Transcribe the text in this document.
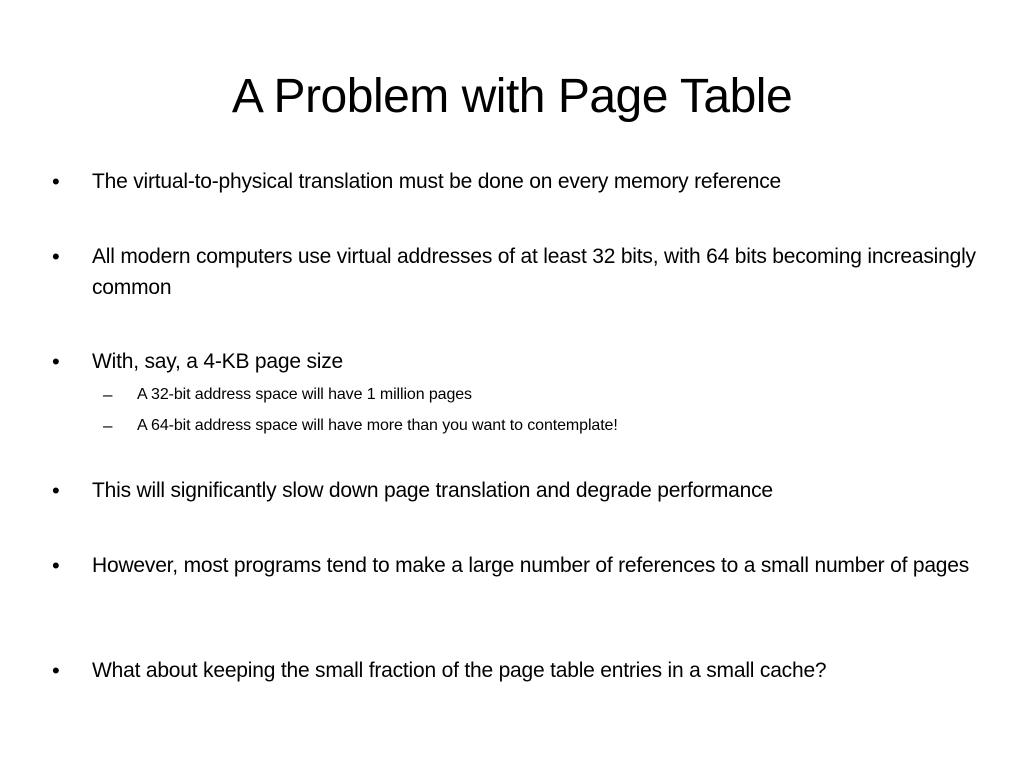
A Problem with Page Table
• The virtual-to-physical translation must be done on every memory reference
• All modern computers use virtual addresses of at least 32 bits, with 64 bits becoming increasingly common
• With, say, a 4-KB page size
– A 32-bit address space will have 1 million pages
– A 64-bit address space will have more than you want to contemplate!
• This will significantly slow down page translation and degrade performance
• However, most programs tend to make a large number of references to a small number of pages
• What about keeping the small fraction of the page table entries in a small cache?
